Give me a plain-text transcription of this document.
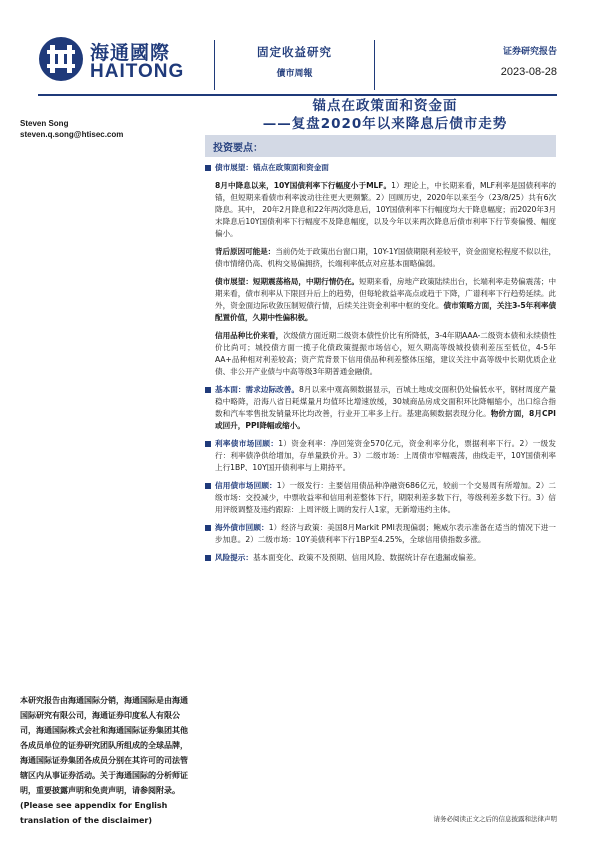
海通國際
HAITONG
固定收益研究
債市周報
证券研究报告
2023-08-28
锚点在政策面和资金面
——复盘2020年以来降息后债市走势
Steven Song
steven.q.song@htisec.com
投资要点：
债市展望：锚点在政策面和资金面
8月中降息以来，10Y国债利率下行幅度小于MLF。1）理论上，中长期来看，MLF利率是国债利率的锚，但短期来看债市利率波动往往更大更频繁。2）回顾历史，2020年以来至今（23/8/25）共有6次降息。其中， 20年2月降息和22年两次降息后，10Y国债利率下行幅度均大于降息幅度；而2020年3月末降息后10Y国债利率下行幅度不及降息幅度，以及今年以来两次降息后债市利率下行节奏偏慢、幅度偏小。
背后原因可能是：当前仍处于政策出台窗口期，10Y-1Y国债期限利差较平，资金面宽松程度不似以往，债市情绪仍高、机构交易偏拥挤，长端利率低点对应基本面略偏弱。
债市展望：短期震荡格局，中期行情仍在。短期来看，房地产政策陆续出台，长端利率走势偏震荡；中期来看，债市利率从下限回升后上的趋势，但每轮救益率高点或趋于下降，广谱利率下行趋势延续。此外，资金面边际收敛压制短债行情，后续关注资金利率中枢的变化。债市策略方面，关注3-5年利率债配置价值，久期中性偏积极。
信用品种比价来看，次级债方面近期二级资本债性价比有所降低，3-4年期AAA-二级资本债和永续债性价比尚可；城投债方面一揽子化债政策提振市场信心，短久期高等级城投债利差压至低位，4-5年AA+品种相对利差较高；资产荒背景下信用债品种利差整体压缩，建议关注中高等级中长期优质企业债、非公开产业债与中高等级3年期普通金融债。
基本面：需求边际改善。8月以来中观高频数据显示，百城土地成交面积仍处偏低水平，钢材周度产量稳中略降，沿海八省日耗煤量月均值环比增速放缓，30城商品房成交面积环比降幅缩小，出口综合指数和汽车零售批发销量环比均改善，行业开工率多上行。基建高频数据表现分化。物价方面，8月CPI或回升，PPI降幅或缩小。
利率债市场回顾：1）资金利率：净回笼资金570亿元，资金利率分化，票据利率下行。2）一级发行：利率债净供给增加，存单量跌价升。3）二级市场：上周债市窄幅震荡，曲线走平，10Y国债利率上行1BP、10Y国开债利率与上期持平。
信用债市场回顾：1）一级发行：主要信用债品种净融资686亿元，较前一个交易周有所增加。2）二级市场：交投减少，中票收益率和信用利差整体下行，期限利差多数下行，等级利差多数下行。3）信用评级调整及违约跟踪：上周评级上调的发行人1家，无新增违约主体。
海外债市回顾：1）经济与政策：美国8月Markit PMI表现偏弱；鲍威尔表示准备在适当的情况下进一步加息。2）二级市场：10Y美债利率下行1BP至4.25%，全球信用债指数多涨。
风险提示：基本面变化、政策不及预期、信用风险、数据统计存在遗漏或偏差。
本研究报告由海通国际分销，海通国际是由海通国际研究有限公司，海通证券印度私人有限公司，海通国际株式会社和海通国际证券集团其他各成员单位的证券研究团队所组成的全球品牌，海通国际证券集团各成员分别在其许可的司法管辖区内从事证券活动。关于海通国际的分析师证明，重要披露声明和免责声明，请参阅附录。(Please see appendix for English translation of the disclaimer)	请务必阅读正文之后的信息披露和法律声明
